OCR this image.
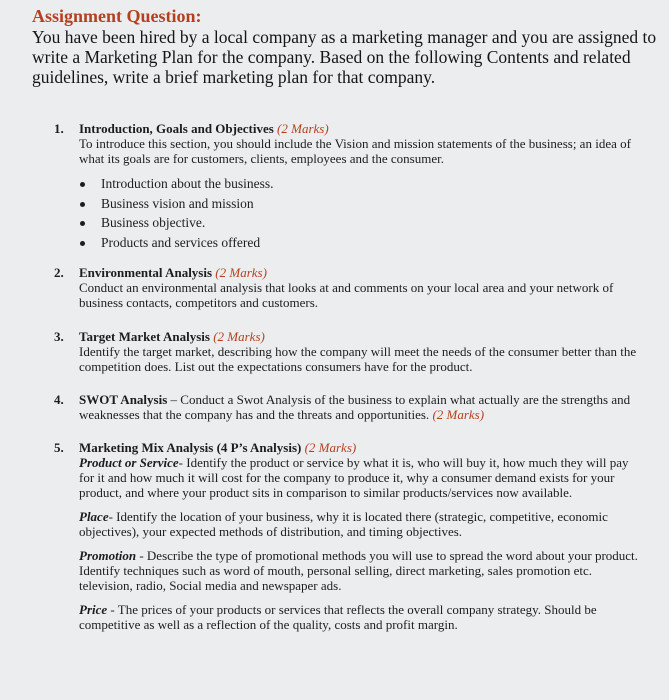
Assignment Question:
You have been hired by a local company as a marketing manager and you are assigned to write a Marketing Plan for the company. Based on the following Contents and related guidelines, write a brief marketing plan for that company.
1. Introduction, Goals and Objectives (2 Marks)
To introduce this section, you should include the Vision and mission statements of the business; an idea of what its goals are for customers, clients, employees and the consumer.
Introduction about the business.
Business vision and mission
Business objective.
Products and services offered
2. Environmental Analysis (2 Marks)
Conduct an environmental analysis that looks at and comments on your local area and your network of business contacts, competitors and customers.
3. Target Market Analysis (2 Marks)
Identify the target market, describing how the company will meet the needs of the consumer better than the competition does. List out the expectations consumers have for the product.
4. SWOT Analysis – Conduct a Swot Analysis of the business to explain what actually are the strengths and weaknesses that the company has and the threats and opportunities. (2 Marks)
5. Marketing Mix Analysis (4 P’s Analysis) (2 Marks)
Product or Service- Identify the product or service by what it is, who will buy it, how much they will pay for it and how much it will cost for the company to produce it, why a consumer demand exists for your product, and where your product sits in comparison to similar products/services now available.
Place- Identify the location of your business, why it is located there (strategic, competitive, economic objectives), your expected methods of distribution, and timing objectives.
Promotion - Describe the type of promotional methods you will use to spread the word about your product. Identify techniques such as word of mouth, personal selling, direct marketing, sales promotion etc. television, radio, Social media and newspaper ads.
Price - The prices of your products or services that reflects the overall company strategy. Should be competitive as well as a reflection of the quality, costs and profit margin.
